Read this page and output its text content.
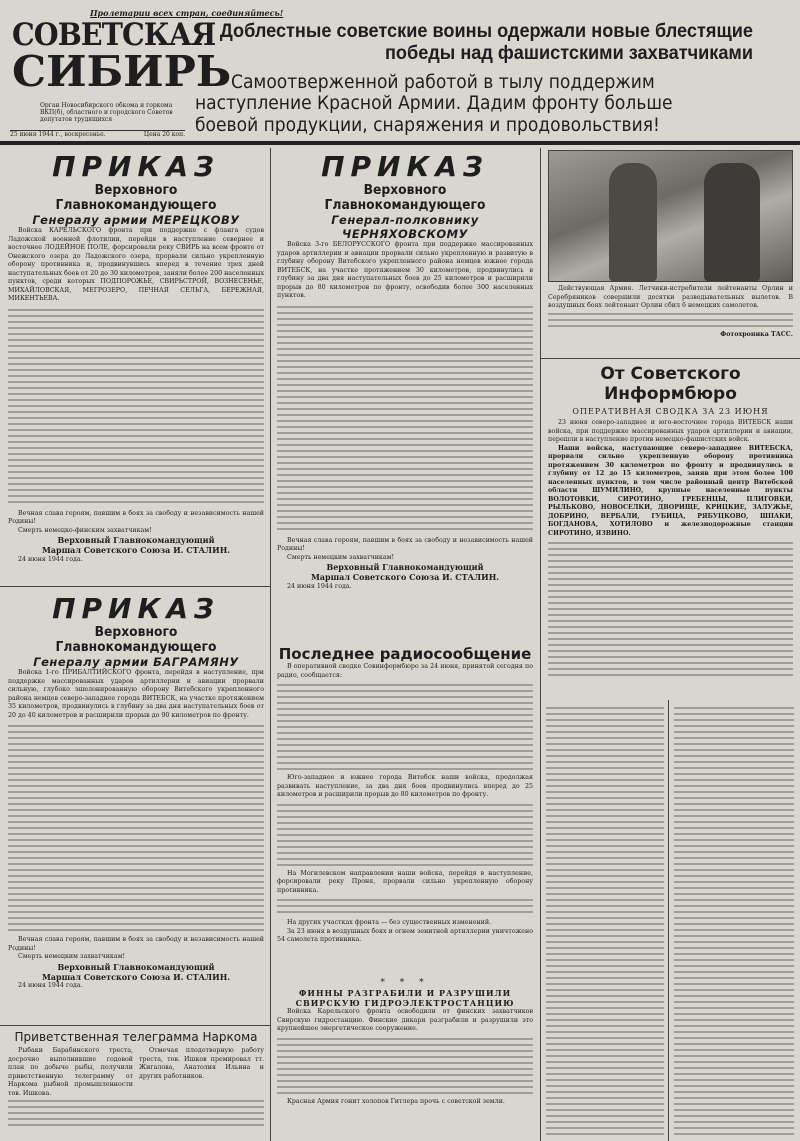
Пролетарии всех стран, соединяйтесь!
СОВЕТСКАЯ
СИБИРЬ
Орган Новосибирского обкома и горкома ВКП(б), областного и городского Советов депутатов трудящихся
25 июня 1944 г., воскресенье.	Цена 20 коп.
Доблестные советские воины одержали новые блестящие победы над фашистскими захватчиками
Самоотверженной работой в тылу поддержим наступление Красной Армии. Дадим фронту больше боевой продукции, снаряжения и продовольствия!
ПРИКАЗ
Верховного Главнокомандующего
Генералу армии МЕРЕЦКОВУ

Войска КАРЕЛЬСКОГО фронта при поддержке с фланга судов Ладожской военной флотилии, перейдя в наступление севернее и восточнее ЛОДЕЙНОЕ ПОЛЕ, форсировали реку СВИРЬ на всем фронте от Онежского озера до Ладожского озера, прорвали сильно укрепленную оборону противника и, продвинувшись вперед в течение трех дней наступательных боев от 20 до 30 километров, заняли более 200 населенных пунктов, среди которых ПОДПОРОЖЬЕ, СВИРЬСТРОЙ, ВОЗНЕСЕНЬЕ, МИХАЙЛОВСКАЯ, МЕГРОЗЕРО, ПЕЧНАЯ СЕЛЬГА, БЕРЕЖНАЯ, МИКЕНТЬЕВА.

Вечная слава героям, павшим в боях за свободу и независимость нашей Родины!

Смерть немецко-финским захватчикам!

Верховный Главнокомандующий
Маршал Советского Союза И. СТАЛИН.
24 июня 1944 года.
ПРИКАЗ
Верховного Главнокомандующего
Генералу армии БАГРАМЯНУ

Войска 1-го ПРИБАЛТИЙСКОГО фронта, перейдя в наступление, при поддержке массированных ударов артиллерии и авиации прорвали сильную, глубоко эшелонированную оборону Витебского укрепленного района немцев северо-западнее города ВИТЕБСК, на участке протяжением 35 километров, продвинулись в глубину за два дня наступательных боев от 20 до 40 километров и расширили прорыв до 90 километров по фронту.

Вечная слава героям, павшим в боях за свободу и независимость нашей Родины!

Смерть немецким захватчикам!

Верховный Главнокомандующий
Маршал Советского Союза И. СТАЛИН.
24 июня 1944 года.
Приветственная телеграмма Наркома

Рыбаки Барабинского треста, досрочно выполнившие годовой план по добыче рыбы, получили приветственную телеграмму от Наркома рыбной промышленности тов. Ишкова.

Отмечая плодотворную работу треста, тов. Ишков премировал тт. Жигалова, Анатолия Ильина и других работников.

ПРИКАЗ
Верховного Главнокомандующего
Генерал-полковнику ЧЕРНЯХОВСКОМУ

Войска 3-го БЕЛОРУССКОГО фронта при поддержке массированных ударов артиллерии и авиации прорвали сильно укрепленную и развитую в глубину оборону Витебского укрепленного района немцев южнее города ВИТЕБСК, на участке протяжением 30 километров, продвинулись в глубину за два дня наступательных боев до 25 километров и расширили прорыв до 80 километров по фронту, освободив более 300 населенных пунктов.

Вечная слава героям, павшим в боях за свободу и независимость нашей Родины!

Смерть немецким захватчикам!

Верховный Главнокомандующий
Маршал Советского Союза И. СТАЛИН.
24 июня 1944 года.
Последнее радиосообщение

В оперативной сводке Совинформбюро за 24 июня, принятой сегодня по радио, сообщается:

Юго-западнее и южнее города Витебск наши войска, продолжая развивать наступление, за два дня боев продвинулись вперед до 25 километров и расширили прорыв до 80 километров по фронту.

На Могилевском направлении наши войска, перейдя в наступление, форсировали реку Проня, прорвали сильно укрепленную оборону противника.

На других участках фронта — без существенных изменений.

За 23 июня в воздушных боях и огнем зенитной артиллерии уничтожено 54 самолета противника.

* * *
ФИННЫ РАЗГРАБИЛИ И РАЗРУШИЛИ СВИРСКУЮ ГИДРОЭЛЕКТРОСТАНЦИЮ

Войска Карельского фронта освободили от финских захватчиков Свирскую гидростанцию. Финские дикари разграбили и разрушили это крупнейшее энергетическое сооружение.

Красная Армия гонит холопов Гитлера прочь с советской земли.

Действующая Армия. Летчики-истребители лейтенанты Орлин и Серебряников совершили десятки разведывательных вылетов. В воздушных боях лейтенант Орлин сбил 6 немецких самолетов.

Фотохроника ТАСС.
От Советского Информбюро
ОПЕРАТИВНАЯ СВОДКА ЗА 23 ИЮНЯ

23 июня северо-западнее и юго-восточнее города ВИТЕБСК наши войска, при поддержке массированных ударов артиллерии и авиации, перешли в наступление против немецко-фашистских войск.

Наши войска, наступающие северо-западнее ВИТЕБСКА, прорвали сильно укрепленную оборону противника протяжением 30 километров по фронту и продвинулись в глубину от 12 до 15 километров, заняв при этом более 100 населенных пунктов, в том числе районный центр Витебской области ШУМИЛИНО, крупные населенные пункты ВОЛОТОВКИ, СИРОТИНО, ГРЕБЕНЦЫ, ПЛИГОВКИ, РЫЛЬКОВО, НОВОСЕЛКИ, ДВОРИЩЕ, КРИЦКИЕ, ЗАЛУЖЬЕ, ДОБРИНО, ВЕРБАЛИ, ГУБИЦА, РЯБУЦКОВО, ШПАКИ, БОГДАНОВА, ХОТИЛОВО и железнодорожные станции СИРОТИНО, ЯЗВИНО.
